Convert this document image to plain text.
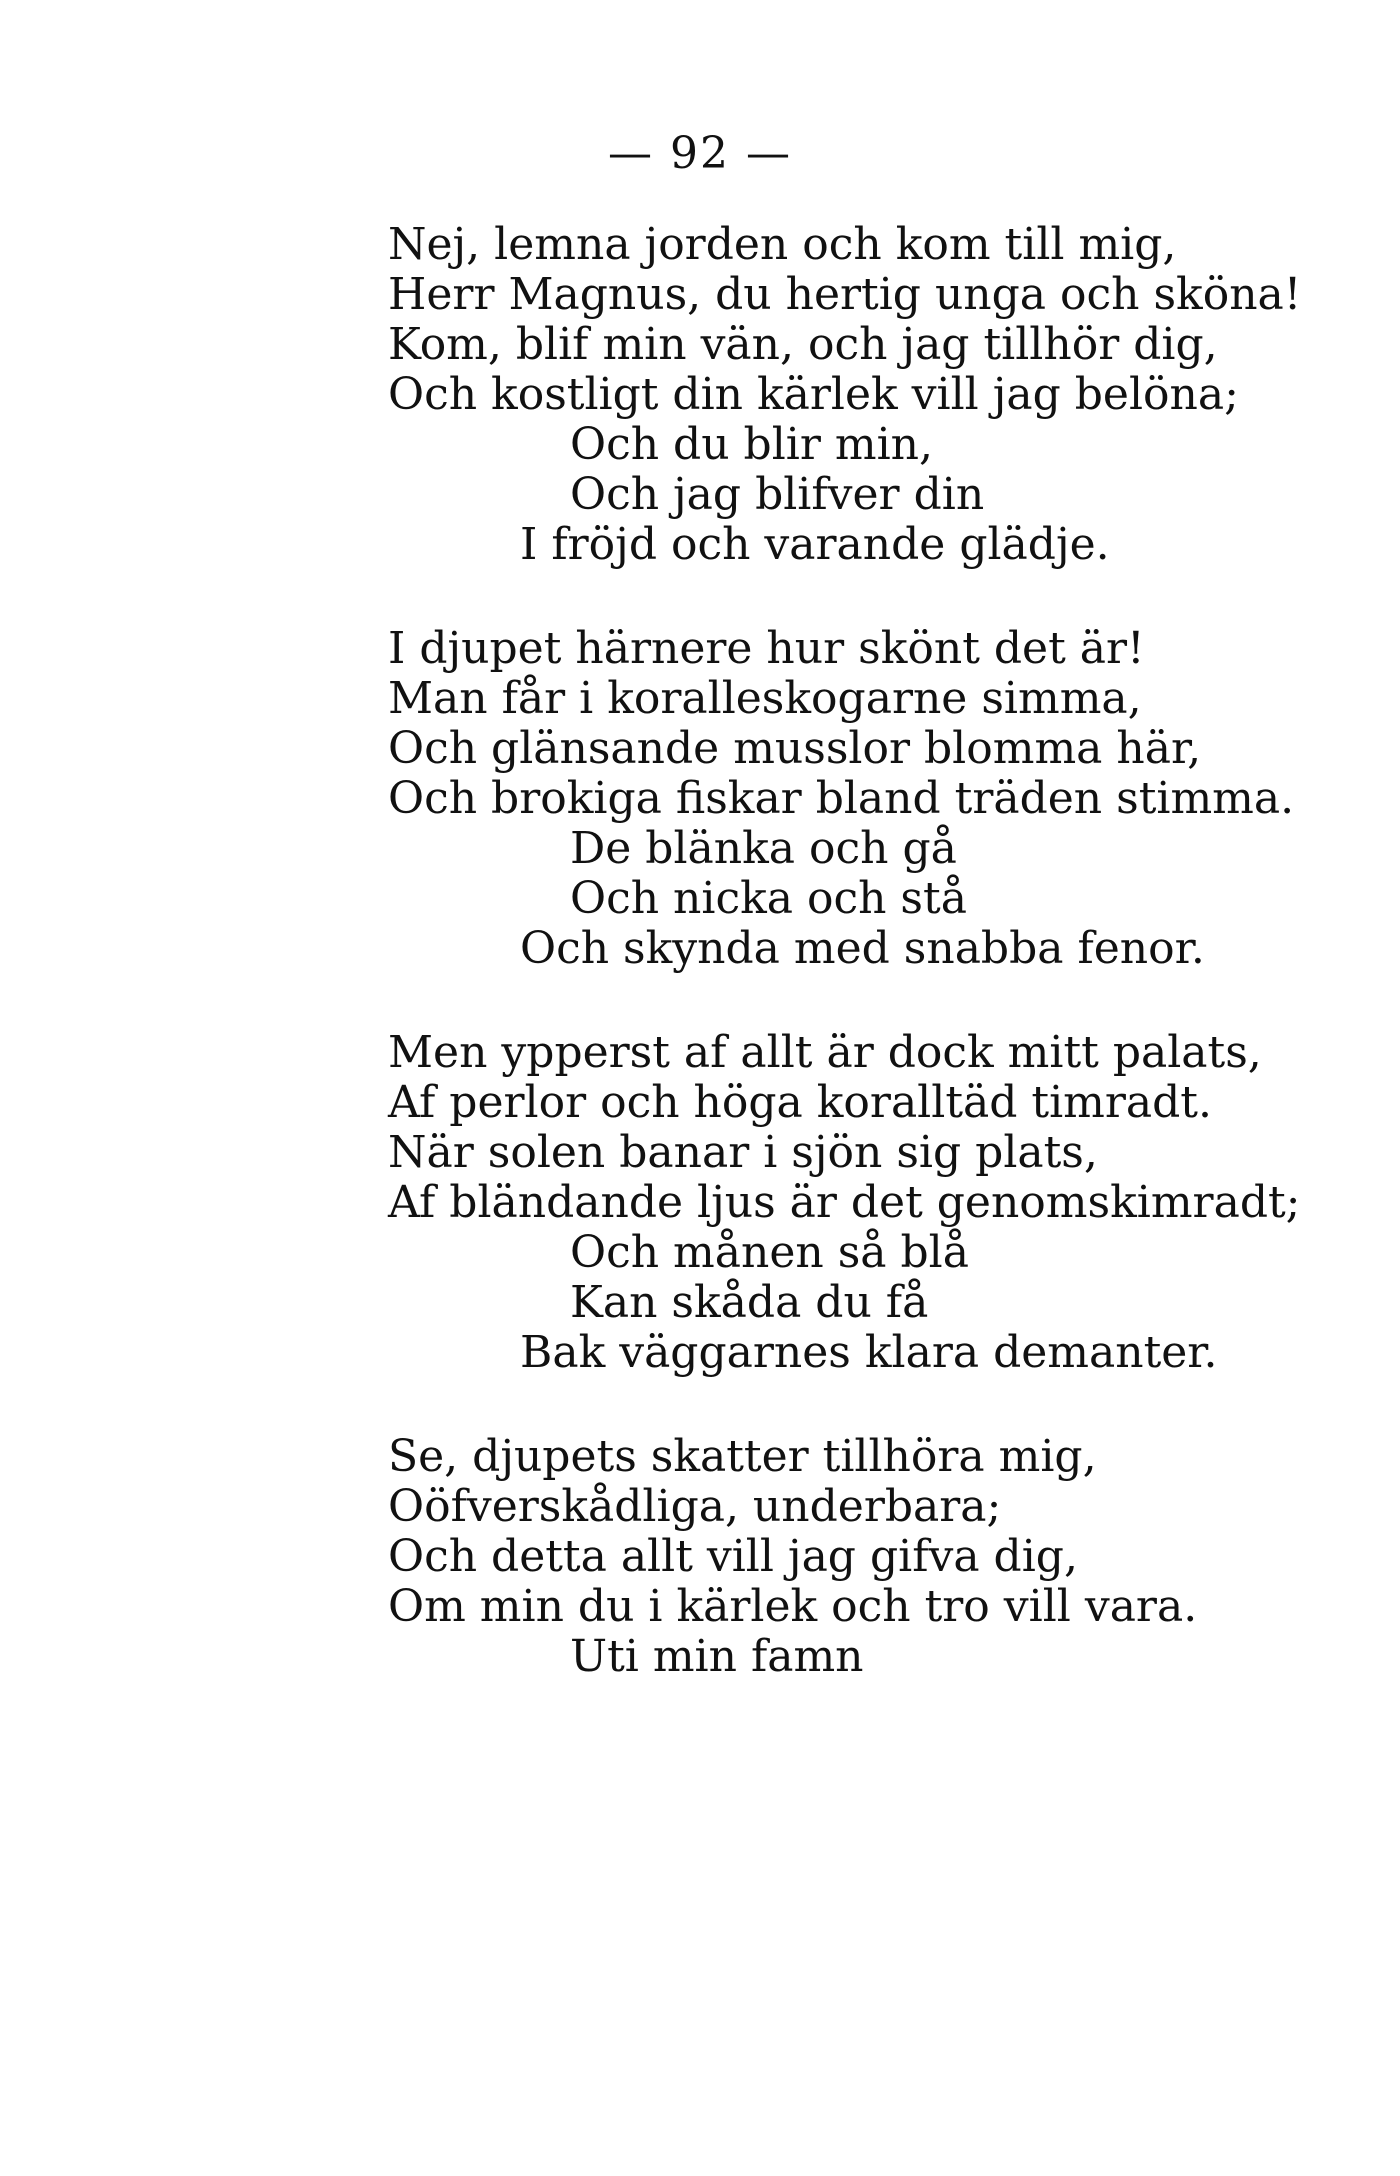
— 92 —
Nej, lemna jorden och kom till mig,
Herr Magnus, du hertig unga och sköna!
Kom, blif min vän, och jag tillhör dig,
Och kostligt din kärlek vill jag belöna;
Och du blir min,
Och jag blifver din
I fröjd och varande glädje.
I djupet härnere hur skönt det är!
Man får i koralleskogarne simma,
Och glänsande musslor blomma här,
Och brokiga fiskar bland träden stimma.
De blänka och gå
Och nicka och stå
Och skynda med snabba fenor.
Men ypperst af allt är dock mitt palats,
Af perlor och höga koralltäd timradt.
När solen banar i sjön sig plats,
Af bländande ljus är det genomskimradt;
Och månen så blå
Kan skåda du få
Bak väggarnes klara demanter.
Se, djupets skatter tillhöra mig,
Oöfverskådliga, underbara;
Och detta allt vill jag gifva dig,
Om min du i kärlek och tro vill vara.
Uti min famn
